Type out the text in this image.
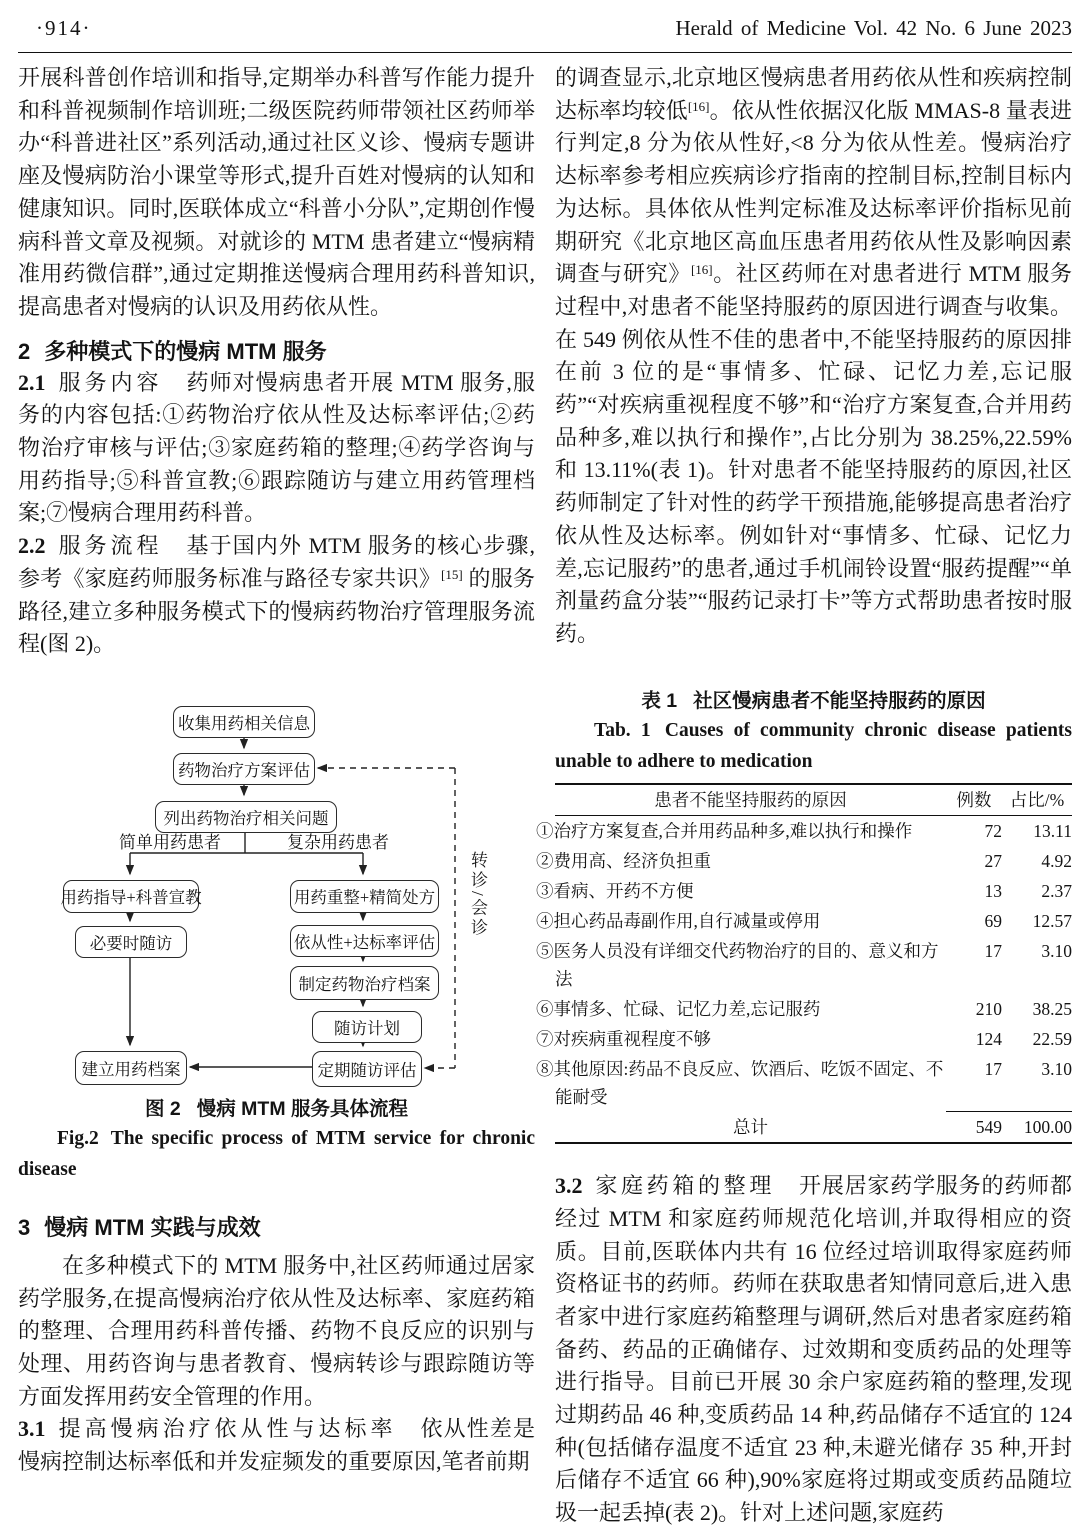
·914·	Herald of Medicine Vol. 42 No. 6 June 2023

开展科普创作培训和指导,定期举办科普写作能力提升和科普视频制作培训班;二级医院药师带领社区药师举办“科普进社区”系列活动,通过社区义诊、慢病专题讲座及慢病防治小课堂等形式,提升百姓对慢病的认知和健康知识。同时,医联体成立“科普小分队”,定期创作慢病科普文章及视频。对就诊的 MTM 患者建立“慢病精准用药微信群”,通过定期推送慢病合理用药科普知识,提高患者对慢病的认识及用药依从性。

2 多种模式下的慢病 MTM 服务

2.1 服务内容 药师对慢病患者开展 MTM 服务,服务的内容包括:①药物治疗依从性及达标率评估;②药物治疗审核与评估;③家庭药箱的整理;④药学咨询与用药指导;⑤科普宣教;⑥跟踪随访与建立用药管理档案;⑦慢病合理用药科普。

2.2 服务流程 基于国内外 MTM 服务的核心步骤,参考《家庭药师服务标准与路径专家共识》[15] 的服务路径,建立多种服务模式下的慢病药物治疗管理服务流程(图 2)。

收集用药相关信息
药物治疗方案评估
列出药物治疗相关问题
简单用药患者	复杂用药患者
用药指导+科普宣教	用药重整+精简处方
必要时随访	依从性+达标率评估
制定药物治疗档案
随访计划
建立用药档案	定期随访评估
转诊/会诊
图 2 慢病 MTM 服务具体流程
Fig.2 The specific process of MTM service for chronic
disease
3 慢病 MTM 实践与成效

在多种模式下的 MTM 服务中,社区药师通过居家药学服务,在提高慢病治疗依从性及达标率、家庭药箱的整理、合理用药科普传播、药物不良反应的识别与处理、用药咨询与患者教育、慢病转诊与跟踪随访等方面发挥用药安全管理的作用。

3.1 提高慢病治疗依从性与达标率 依从性差是慢病控制达标率低和并发症频发的重要原因,笔者前期

的调查显示,北京地区慢病患者用药依从性和疾病控制达标率均较低[16]。依从性依据汉化版 MMAS-8 量表进行判定,8 分为依从性好,<8 分为依从性差。慢病治疗达标率参考相应疾病诊疗指南的控制目标,控制目标内为达标。具体依从性判定标准及达标率评价指标见前期研究《北京地区高血压患者用药依从性及影响因素调查与研究》[16]。社区药师在对患者进行 MTM 服务过程中,对患者不能坚持服药的原因进行调查与收集。在 549 例依从性不佳的患者中,不能坚持服药的原因排在前 3 位的是“事情多、忙碌、记忆力差,忘记服药”“对疾病重视程度不够”和“治疗方案复查,合并用药品种多,难以执行和操作”,占比分别为 38.25%,22.59%和 13.11%(表 1)。针对患者不能坚持服药的原因,社区药师制定了针对性的药学干预措施,能够提高患者治疗依从性及达标率。例如针对“事情多、忙碌、记忆力差,忘记服药”的患者,通过手机闹铃设置“服药提醒”“单剂量药盒分装”“服药记录打卡”等方式帮助患者按时服药。

表 1 社区慢病患者不能坚持服药的原因
Tab. 1 Causes of community chronic disease patients
unable to adhere to medication
患者不能坚持服药的原因	例数	占比/%
①治疗方案复查,合并用药品种多,难以执行和操作	72	13.11
②费用高、经济负担重	27	4.92
③看病、开药不方便	13	2.37
④担心药品毒副作用,自行减量或停用	69	12.57
⑤医务人员没有详细交代药物治疗的目的、意义和方法	17	3.10
⑥事情多、忙碌、记忆力差,忘记服药	210	38.25
⑦对疾病重视程度不够	124	22.59
⑧其他原因:药品不良反应、饮酒后、吃饭不固定、不能耐受	17	3.10
总计	549	100.00

3.2 家庭药箱的整理 开展居家药学服务的药师都经过 MTM 和家庭药师规范化培训,并取得相应的资质。目前,医联体内共有 16 位经过培训取得家庭药师资格证书的药师。药师在获取患者知情同意后,进入患者家中进行家庭药箱整理与调研,然后对患者家庭药箱备药、药品的正确储存、过效期和变质药品的处理等进行指导。目前已开展 30 余户家庭药箱的整理,发现过期药品 46 种,变质药品 14 种,药品储存不适宜的 124 种(包括储存温度不适宜 23 种,未避光储存 35 种,开封后储存不适宜 66 种),90%家庭将过期或变质药品随垃圾一起丢掉(表 2)。针对上述问题,家庭药
